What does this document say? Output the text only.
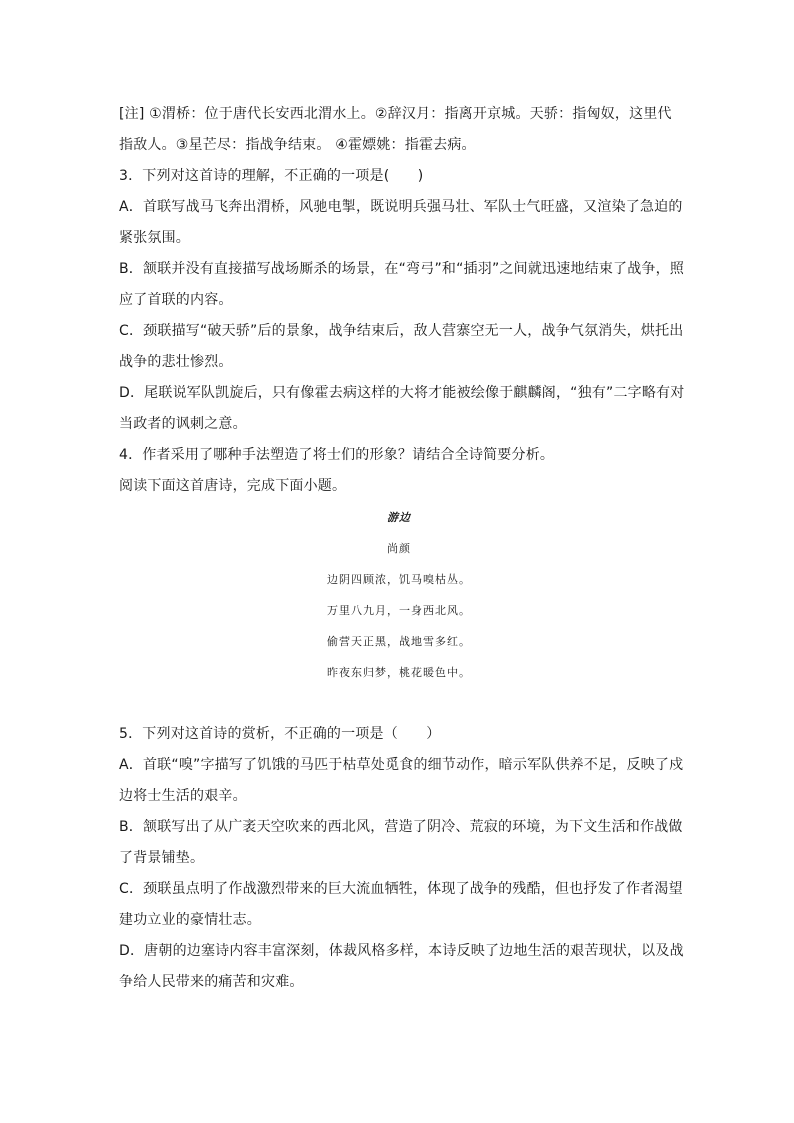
[注] ①渭桥：位于唐代长安西北渭水上。②辞汉月：指离开京城。天骄：指匈奴，这里代
指敌人。③星芒尽：指战争结束。 ④霍嫖姚：指霍去病。
3．下列对这首诗的理解，不正确的一项是(　　)
A．首联写战马飞奔出渭桥，风驰电掣，既说明兵强马壮、军队士气旺盛，又渲染了急迫的
紧张氛围。
B．颔联并没有直接描写战场厮杀的场景，在“弯弓”和“插羽”之间就迅速地结束了战争，照
应了首联的内容。
C．颈联描写“破天骄”后的景象，战争结束后，敌人营寨空无一人，战争气氛消失，烘托出
战争的悲壮惨烈。
D．尾联说军队凯旋后，只有像霍去病这样的大将才能被绘像于麒麟阁，“独有”二字略有对
当政者的讽刺之意。
4．作者采用了哪种手法塑造了将士们的形象？请结合全诗简要分析。
阅读下面这首唐诗，完成下面小题。
游边
尚颜
边阴四顾浓，饥马嗅枯丛。
万里八九月，一身西北风。
偷营天正黑，战地雪多红。
昨夜东归梦，桃花暖色中。
5．下列对这首诗的赏析，不正确的一项是（　　）
A．首联“嗅”字描写了饥饿的马匹于枯草处觅食的细节动作，暗示军队供养不足，反映了戍
边将士生活的艰辛。
B．颔联写出了从广袤天空吹来的西北风，营造了阴冷、荒寂的环境，为下文生活和作战做
了背景铺垫。
C．颈联虽点明了作战激烈带来的巨大流血牺牲，体现了战争的残酷，但也抒发了作者渴望
建功立业的豪情壮志。
D．唐朝的边塞诗内容丰富深刻，体裁风格多样，本诗反映了边地生活的艰苦现状，以及战
争给人民带来的痛苦和灾难。
